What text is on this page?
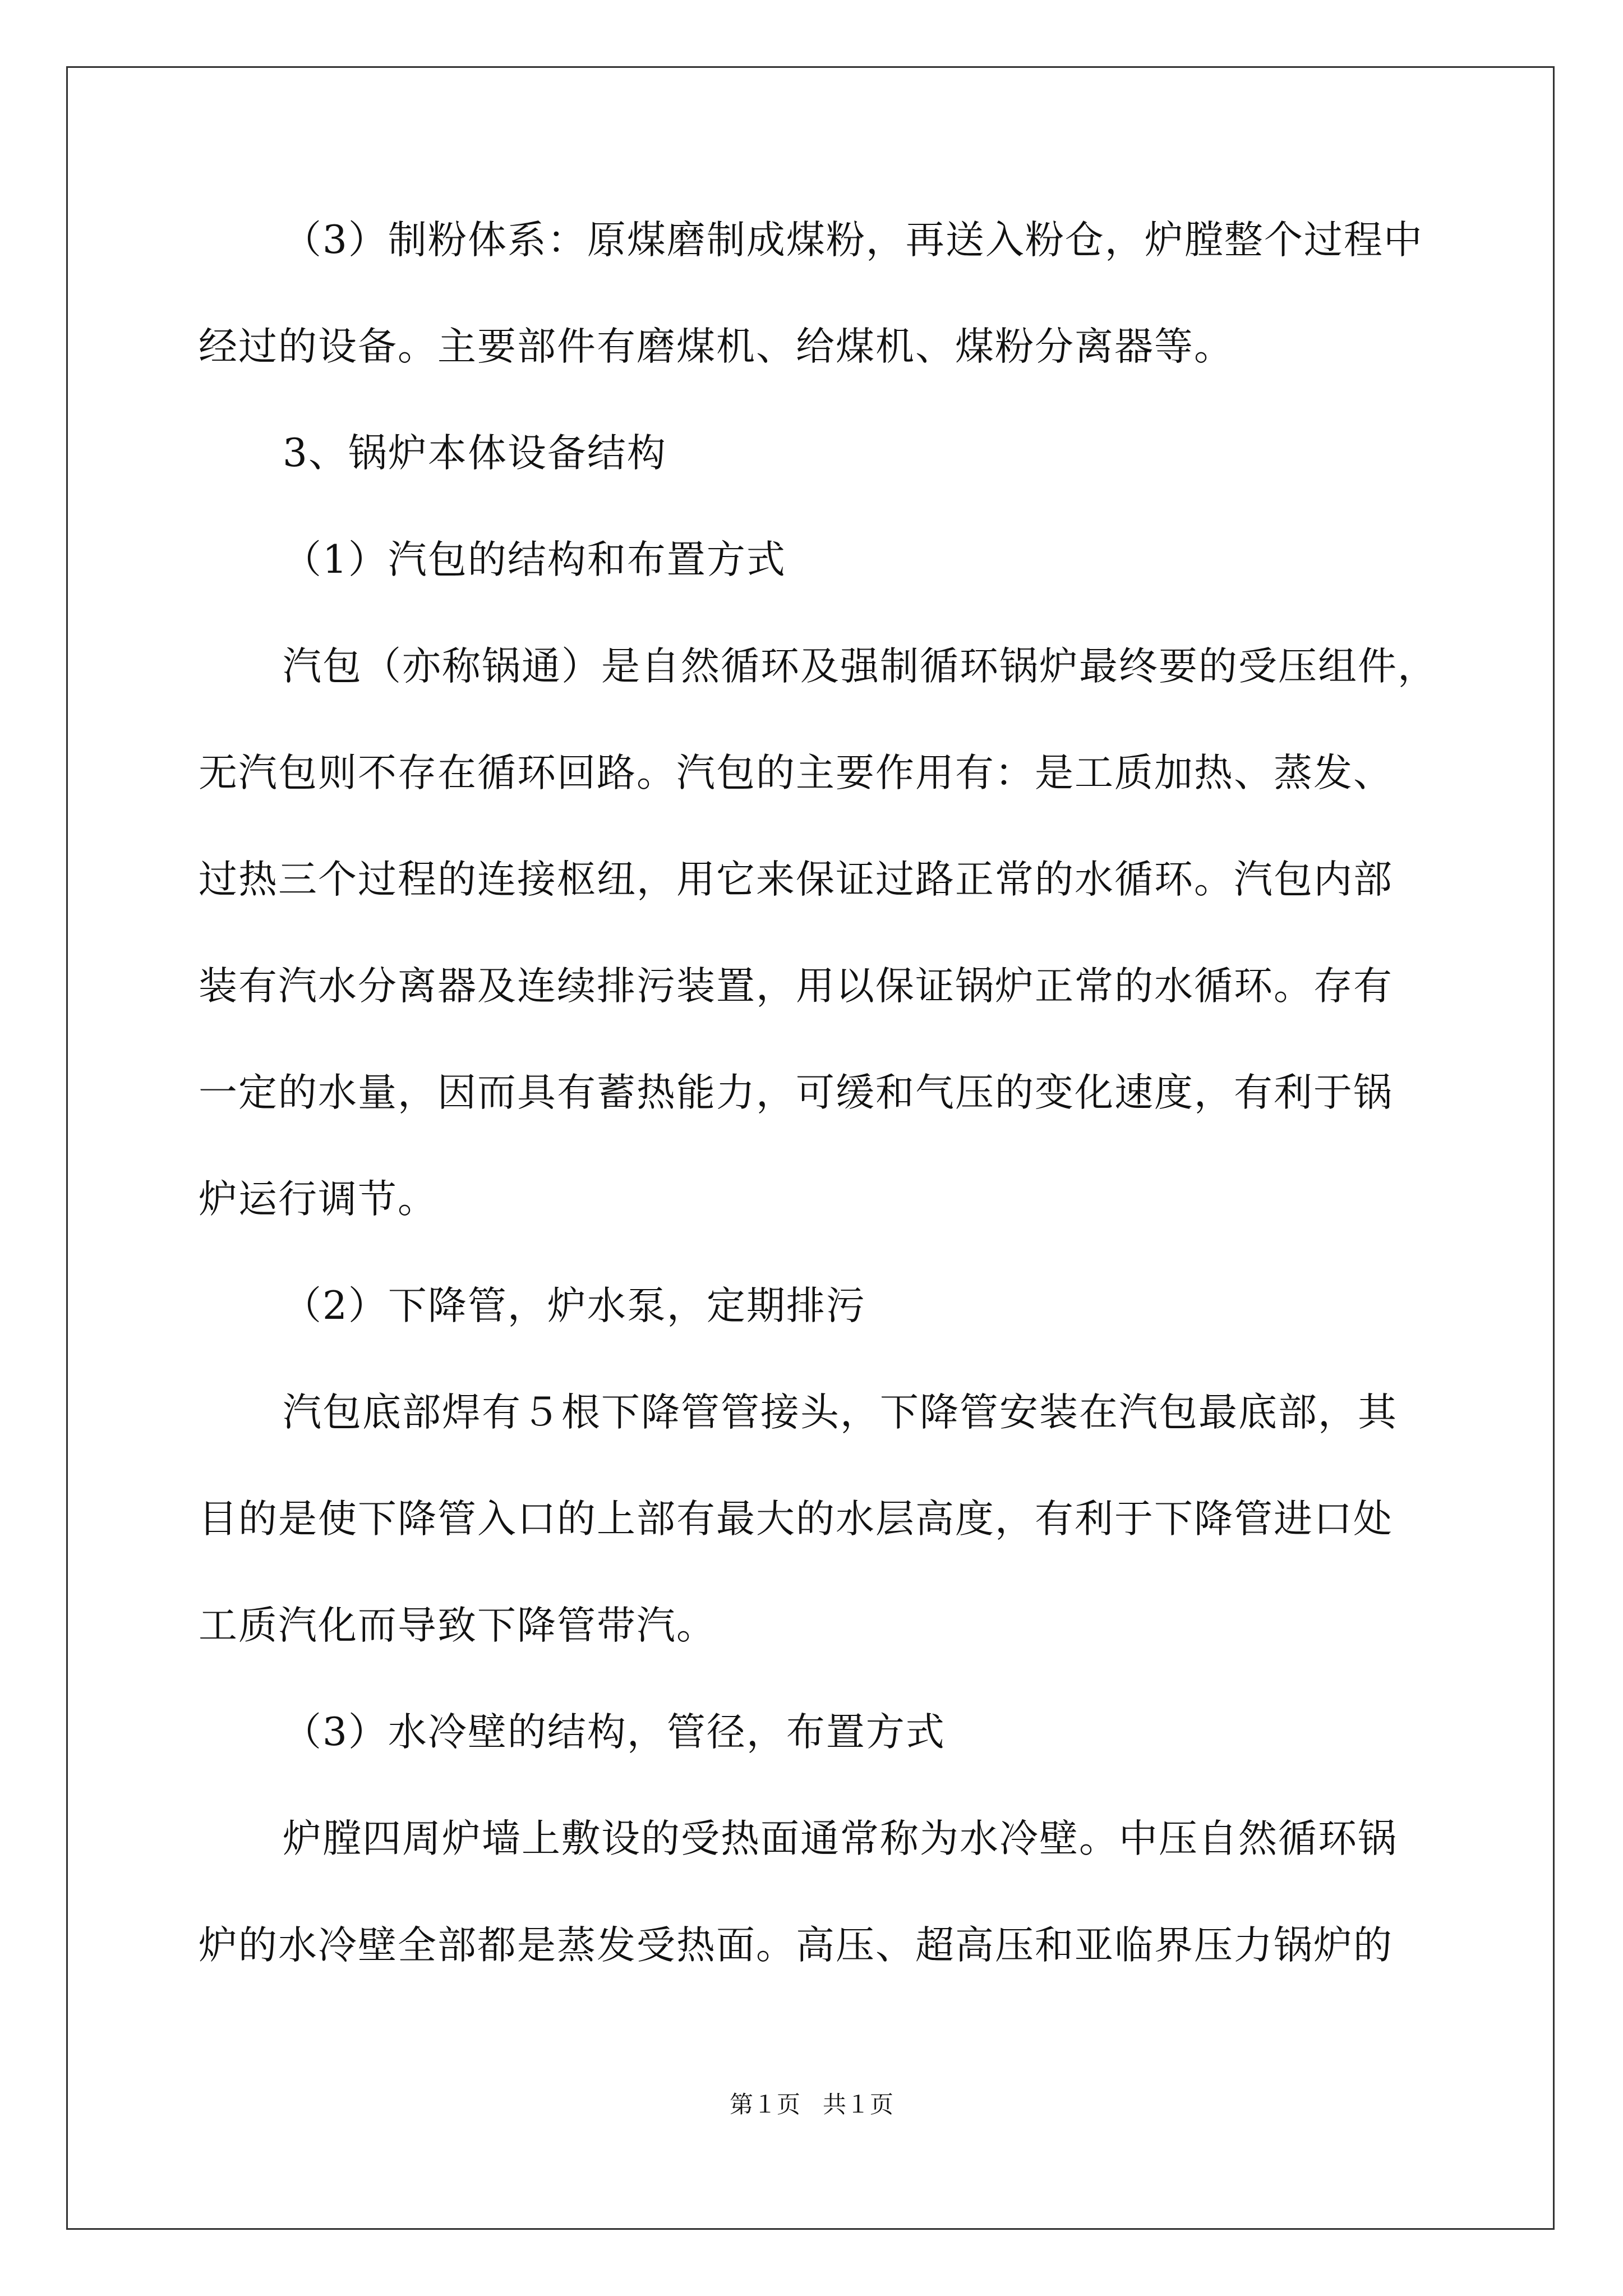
（3）制粉体系：原煤磨制成煤粉，再送入粉仓，炉膛整个过程中
经过的设备。主要部件有磨煤机、给煤机、煤粉分离器等。
3、锅炉本体设备结构
（1）汽包的结构和布置方式
汽包（亦称锅通）是自然循环及强制循环锅炉最终要的受压组件，
无汽包则不存在循环回路。汽包的主要作用有：是工质加热、蒸发、
过热三个过程的连接枢纽，用它来保证过路正常的水循环。汽包内部
装有汽水分离器及连续排污装置，用以保证锅炉正常的水循环。存有
一定的水量，因而具有蓄热能力，可缓和气压的变化速度，有利于锅
炉运行调节。
（2）下降管，炉水泵，定期排污
汽包底部焊有５根下降管管接头，下降管安装在汽包最底部，其
目的是使下降管入口的上部有最大的水层高度，有利于下降管进口处
工质汽化而导致下降管带汽。
（3）水冷壁的结构，管径，布置方式
炉膛四周炉墙上敷设的受热面通常称为水冷壁。中压自然循环锅
炉的水冷壁全部都是蒸发受热面。高压、超高压和亚临界压力锅炉的
第１页 共１页
